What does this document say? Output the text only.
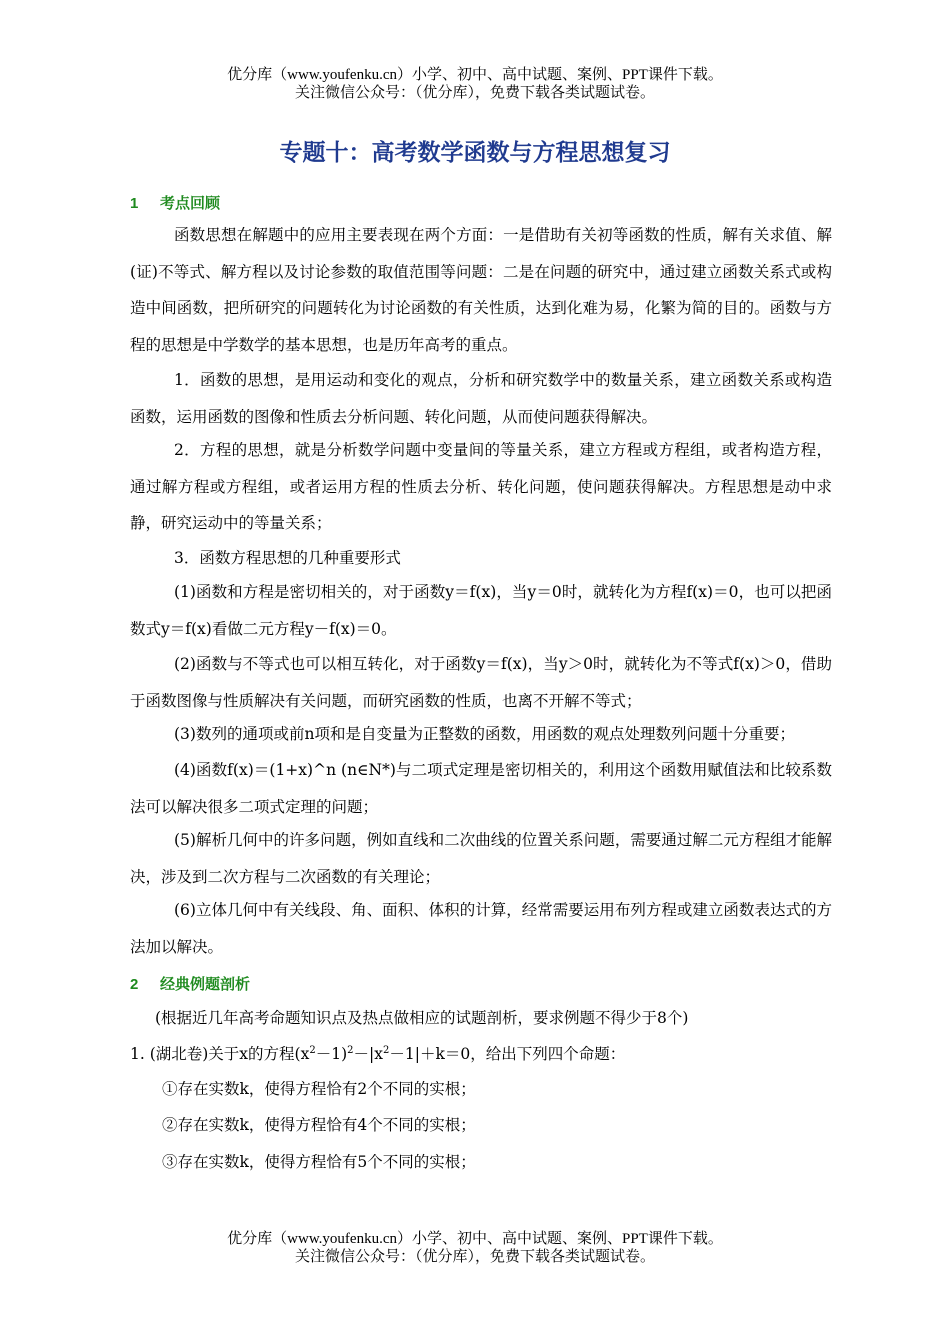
优分库（www.youfenku.cn）小学、初中、高中试题、案例、PPT课件下载。
关注微信公众号：（优分库），免费下载各类试题试卷。
专题十：高考数学函数与方程思想复习
1 考点回顾

函数思想在解题中的应用主要表现在两个方面：一是借助有关初等函数的性质，解有关求值、解(证)不等式、解方程以及讨论参数的取值范围等问题：二是在问题的研究中，通过建立函数关系式或构造中间函数，把所研究的问题转化为讨论函数的有关性质，达到化难为易，化繁为简的目的。函数与方程的思想是中学数学的基本思想，也是历年高考的重点。

1．函数的思想，是用运动和变化的观点，分析和研究数学中的数量关系，建立函数关系或构造函数，运用函数的图像和性质去分析问题、转化问题，从而使问题获得解决。

2．方程的思想，就是分析数学问题中变量间的等量关系，建立方程或方程组，或者构造方程，通过解方程或方程组，或者运用方程的性质去分析、转化问题，使问题获得解决。方程思想是动中求静，研究运动中的等量关系；

3．函数方程思想的几种重要形式

(1)函数和方程是密切相关的，对于函数y＝f(x)，当y＝0时，就转化为方程f(x)＝0，也可以把函数式y＝f(x)看做二元方程y－f(x)＝0。

(2)函数与不等式也可以相互转化，对于函数y＝f(x)，当y＞0时，就转化为不等式f(x)＞0，借助于函数图像与性质解决有关问题，而研究函数的性质，也离不开解不等式；

(3)数列的通项或前n项和是自变量为正整数的函数，用函数的观点处理数列问题十分重要；

(4)函数f(x)＝(1+x)^n (n∈N*)与二项式定理是密切相关的，利用这个函数用赋值法和比较系数法可以解决很多二项式定理的问题；

(5)解析几何中的许多问题，例如直线和二次曲线的位置关系问题，需要通过解二元方程组才能解决，涉及到二次方程与二次函数的有关理论；

(6)立体几何中有关线段、角、面积、体积的计算，经常需要运用布列方程或建立函数表达式的方法加以解决。

2 经典例题剖析

(根据近几年高考命题知识点及热点做相应的试题剖析，要求例题不得少于8个)

1. (湖北卷)关于x的方程$(x^2-1)^2-|x^2-1|+k=0$，给出下列四个命题：

①存在实数k，使得方程恰有2个不同的实根；

②存在实数k，使得方程恰有4个不同的实根；

③存在实数k，使得方程恰有5个不同的实根；

优分库（www.youfenku.cn）小学、初中、高中试题、案例、PPT课件下载。
关注微信公众号：（优分库），免费下载各类试题试卷。
